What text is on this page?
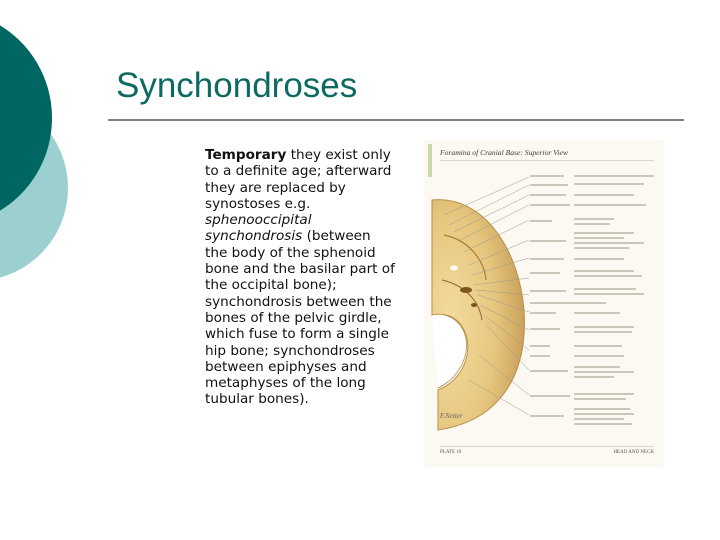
Synchondroses
Temporary they exist only to a definite age; afterward they are replaced by synostoses e.g. sphenooccipital synchondrosis (between the body of the sphenoid bone and the basilar part of the occipital bone); synchondrosis between the bones of the pelvic girdle, which fuse to form a single hip bone; synchondroses between epiphyses and metaphyses of the long tubular bones).
Foramina of Cranial Base: Superior View
F.Netter
PLATE 10	HEAD AND NECK
